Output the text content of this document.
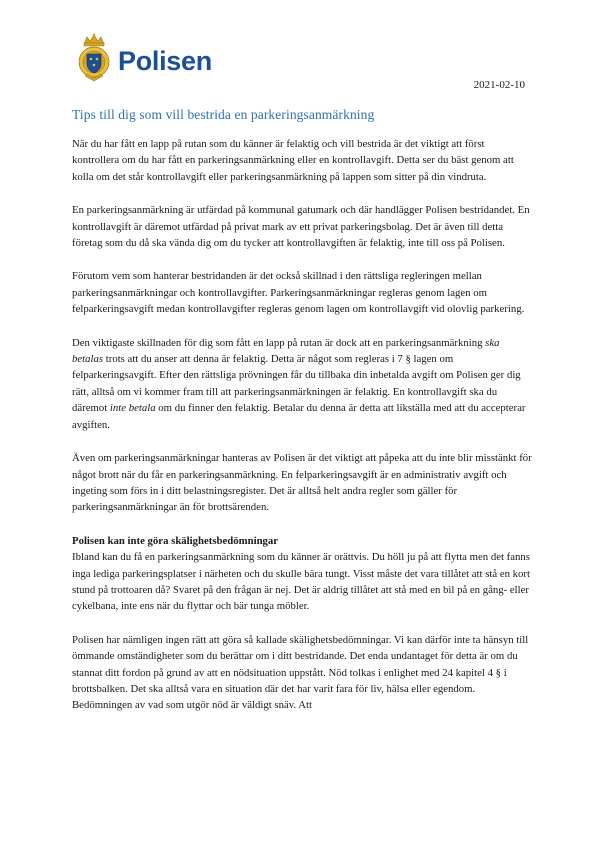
Polisen
2021-02-10
Tips till dig som vill bestrida en parkeringsanmärkning

När du har fått en lapp på rutan som du känner är felaktig och vill bestrida är det viktigt att först kontrollera om du har fått en parkeringsanmärkning eller en kontrollavgift. Detta ser du bäst genom att kolla om det står kontrollavgift eller parkeringsanmärkning på lappen som sitter på din vindruta.

En parkeringsanmärkning är utfärdad på kommunal gatumark och där handlägger Polisen bestridandet. En kontrollavgift är däremot utfärdad på privat mark av ett privat parkeringsbolag. Det är även till detta företag som du då ska vända dig om du tycker att kontrollavgiften är felaktig, inte till oss på Polisen.

Förutom vem som hanterar bestridanden är det också skillnad i den rättsliga regleringen mellan parkeringsanmärkningar och kontrollavgifter. Parkeringsanmärkningar regleras genom lagen om felparkeringsavgift medan kontrollavgifter regleras genom lagen om kontrollavgift vid olovlig parkering.

Den viktigaste skillnaden för dig som fått en lapp på rutan är dock att en parkeringsanmärkning ska betalas trots att du anser att denna är felaktig. Detta är något som regleras i 7 § lagen om felparkeringsavgift. Efter den rättsliga prövningen får du tillbaka din inbetalda avgift om Polisen ger dig rätt, alltså om vi kommer fram till att parkeringsanmärkningen är felaktig. En kontrollavgift ska du däremot inte betala om du finner den felaktig. Betalar du denna är detta att likställa med att du accepterar avgiften.

Även om parkeringsanmärkningar hanteras av Polisen är det viktigt att påpeka att du inte blir misstänkt för något brott när du får en parkeringsanmärkning. En felparkeringsavgift är en administrativ avgift och ingeting som förs in i ditt belastningsregister. Det är alltså helt andra regler som gäller för parkeringsanmärkningar än för brottsärenden.

Polisen kan inte göra skälighetsbedömningar

Ibland kan du få en parkeringsanmärkning som du känner är orättvis. Du höll ju på att flytta men det fanns inga lediga parkeringsplatser i närheten och du skulle bära tungt. Visst måste det vara tillåtet att stå en kort stund på trottoaren då? Svaret på den frågan är nej. Det är aldrig tillåtet att stå med en bil på en gång- eller cykelbana, inte ens när du flyttar och bär tunga möbler.

Polisen har nämligen ingen rätt att göra så kallade skälighetsbedömningar. Vi kan därför inte ta hänsyn till ömmande omständigheter som du berättar om i ditt bestridande. Det enda undantaget för detta är om du stannat ditt fordon på grund av att en nödsituation uppstått. Nöd tolkas i enlighet med 24 kapitel 4 § i brottsbalken. Det ska alltså vara en situation där det har varit fara för liv, hälsa eller egendom. Bedömningen av vad som utgör nöd är väldigt snäv. Att
